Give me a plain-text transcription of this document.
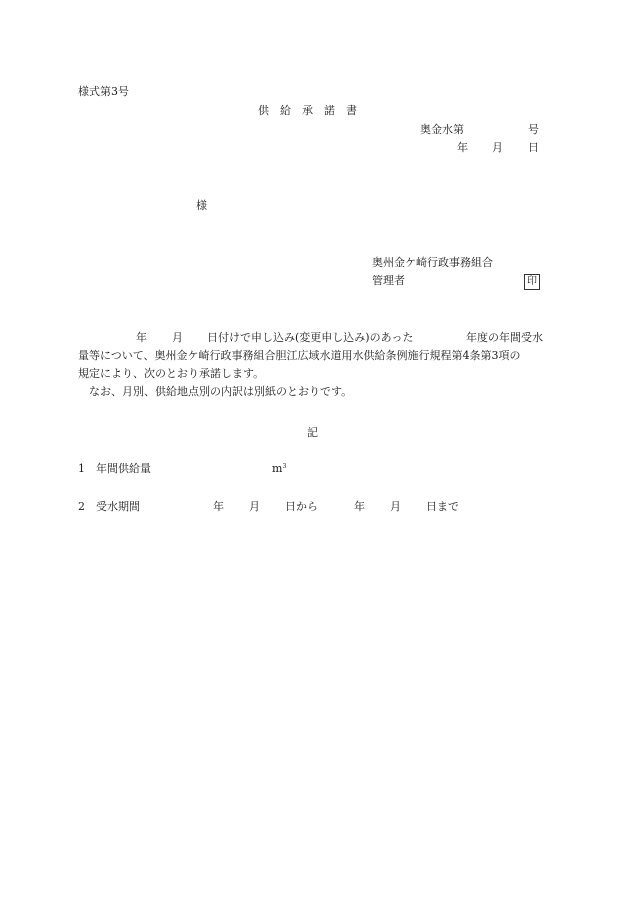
様式第3号
供　給　承　諾　書
奥金水第	号
年 月 日
様
奥州金ケ崎行政事務組合
管理者	印
年 月 日付けで申し込み(変更申し込み)のあった	年度の年間受水
量等について、奥州金ケ崎行政事務組合胆江広域水道用水供給条例施行規程第4条第3項の
規定により、次のとおり承諾します。
なお、月別、供給地点別の内訳は別紙のとおりです。
記
1 年間供給量	$m^3$
2 受水期間	年 月 日から	年 月 日まで
